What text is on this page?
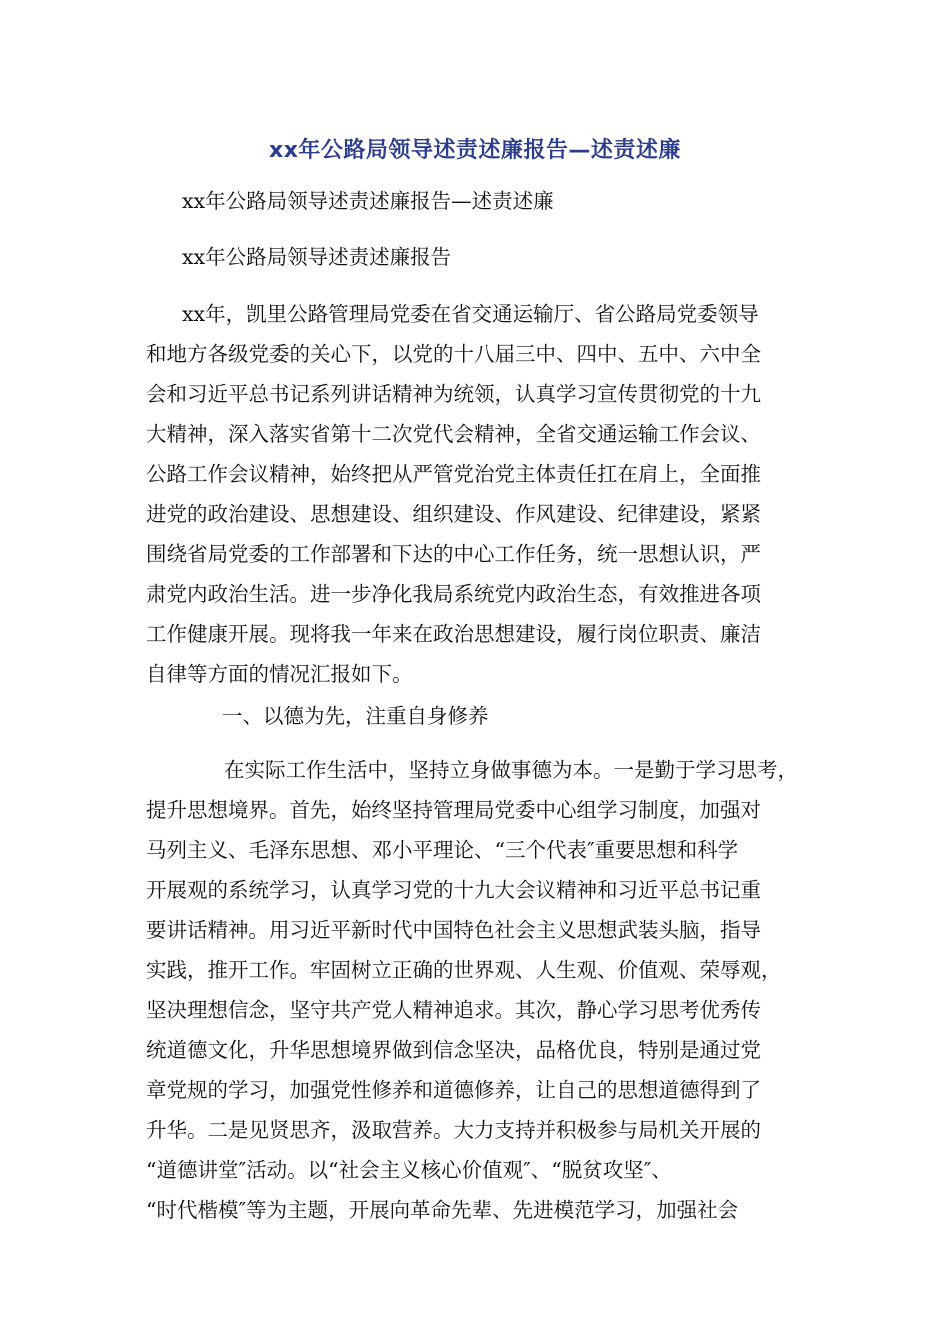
xx年公路局领导述责述廉报告—述责述廉
xx年公路局领导述责述廉报告—述责述廉
xx年公路局领导述责述廉报告
xx年，凯里公路管理局党委在省交通运输厅、省公路局党委领导
和地方各级党委的关心下，以党的十八届三中、四中、五中、六中全
会和习近平总书记系列讲话精神为统领，认真学习宣传贯彻党的十九
大精神，深入落实省第十二次党代会精神，全省交通运输工作会议、
公路工作会议精神，始终把从严管党治党主体责任扛在肩上，全面推
进党的政治建设、思想建设、组织建设、作风建设、纪律建设，紧紧
围绕省局党委的工作部署和下达的中心工作任务，统一思想认识，严
肃党内政治生活。进一步净化我局系统党内政治生态，有效推进各项
工作健康开展。现将我一年来在政治思想建设，履行岗位职责、廉洁
自律等方面的情况汇报如下。
一、以德为先，注重自身修养
在实际工作生活中，坚持立身做事德为本。一是勤于学习思考，
提升思想境界。首先，始终坚持管理局党委中心组学习制度，加强对
马列主义、毛泽东思想、邓小平理论、“三个代表″重要思想和科学
开展观的系统学习，认真学习党的十九大会议精神和习近平总书记重
要讲话精神。用习近平新时代中国特色社会主义思想武装头脑，指导
实践，推开工作。牢固树立正确的世界观、人生观、价值观、荣辱观，
坚决理想信念，坚守共产党人精神追求。其次，静心学习思考优秀传
统道德文化，升华思想境界做到信念坚决，品格优良，特别是通过党
章党规的学习，加强党性修养和道德修养，让自己的思想道德得到了
升华。二是见贤思齐，汲取营养。大力支持并积极参与局机关开展的
“道德讲堂″活动。以“社会主义核心价值观″、“脱贫攻坚″、
“时代楷模″等为主题，开展向革命先辈、先进模范学习，加强社会
